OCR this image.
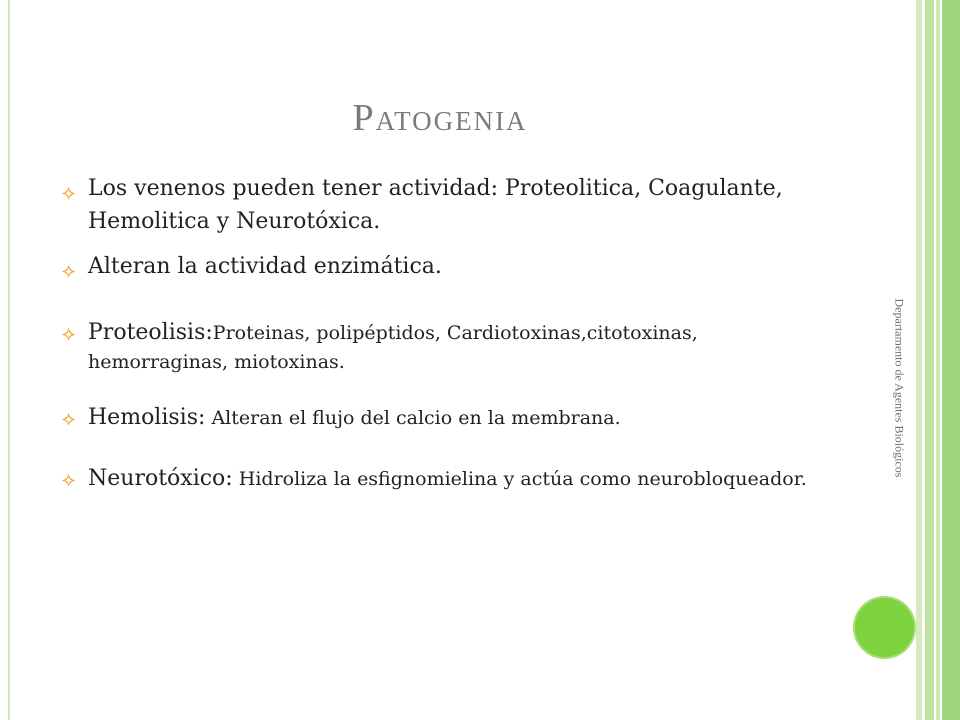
Patogenia
⟡ Los venenos pueden tener actividad: Proteolitica, Coagulante, Hemolitica y Neurotóxica.
⟡ Alteran la actividad enzimática.
⟡ Proteolisis:Proteinas, polipéptidos, Cardiotoxinas,citotoxinas, hemorraginas, miotoxinas.
⟡ Hemolisis: Alteran el flujo del calcio en la membrana.
⟡ Neurotóxico: Hidroliza la esfignomielina y actúa como neurobloqueador.
Departamento de Agentes Biológicos
